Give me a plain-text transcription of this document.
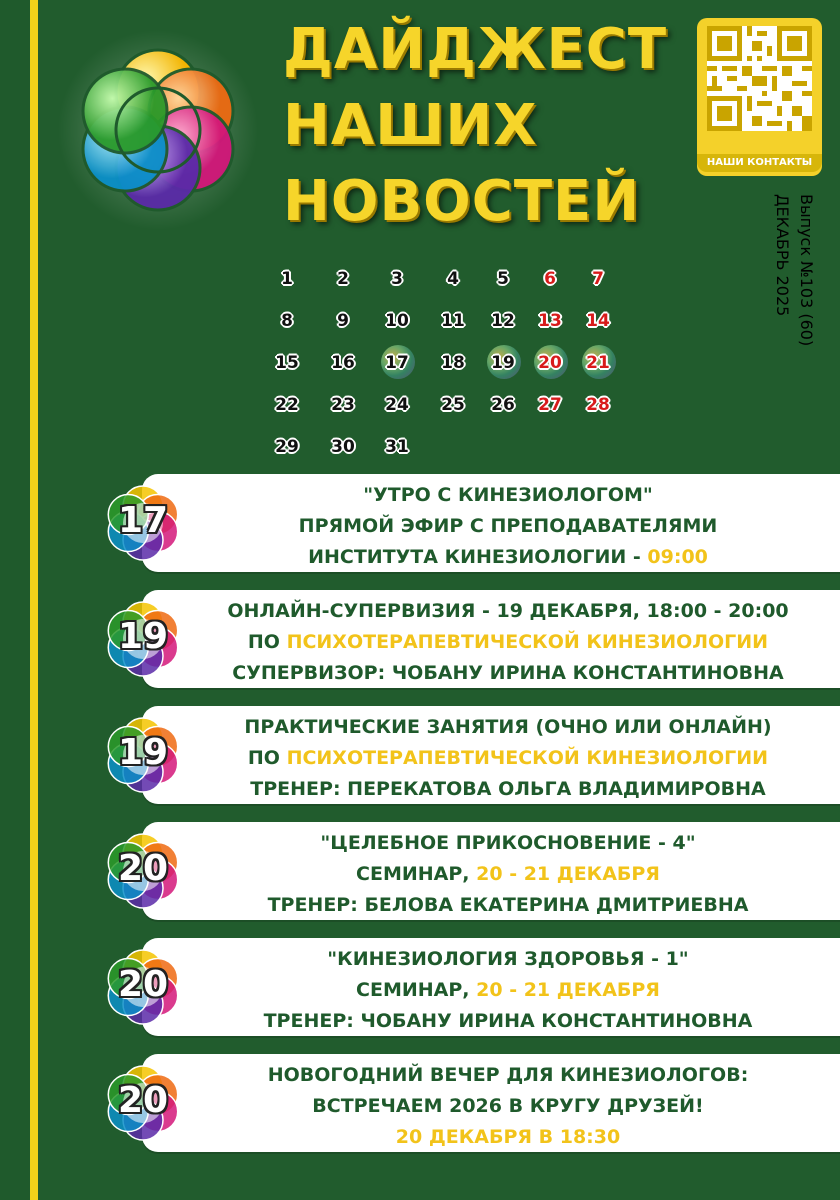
ДАЙДЖЕСТ
НАШИХ
НОВОСТЕЙ
НАШИ КОНТАКТЫ
Выпуск №103 (60)
ДЕКАБРЬ 2025
1	2	3	4	5	6	7
8	9	10	11	12	13	14
15	16	17	18	19	20	21
22	23	24	25	26	27	28
29	30	31
17
"УТРО С КИНЕЗИОЛОГОМ"
ПРЯМОЙ ЭФИР С ПРЕПОДАВАТЕЛЯМИ
ИНСТИТУТА КИНЕЗИОЛОГИИ - 09:00
19
ОНЛАЙН-СУПЕРВИЗИЯ - 19 ДЕКАБРЯ, 18:00 - 20:00
ПО ПСИХОТЕРАПЕВТИЧЕСКОЙ КИНЕЗИОЛОГИИ
СУПЕРВИЗОР: ЧОБАНУ ИРИНА КОНСТАНТИНОВНА
19
ПРАКТИЧЕСКИЕ ЗАНЯТИЯ (ОЧНО ИЛИ ОНЛАЙН)
ПО ПСИХОТЕРАПЕВТИЧЕСКОЙ КИНЕЗИОЛОГИИ
ТРЕНЕР: ПЕРЕКАТОВА ОЛЬГА ВЛАДИМИРОВНА
20
"ЦЕЛЕБНОЕ ПРИКОСНОВЕНИЕ - 4"
СЕМИНАР, 20 - 21 ДЕКАБРЯ
ТРЕНЕР: БЕЛОВА ЕКАТЕРИНА ДМИТРИЕВНА
20
"КИНЕЗИОЛОГИЯ ЗДОРОВЬЯ - 1"
СЕМИНАР, 20 - 21 ДЕКАБРЯ
ТРЕНЕР: ЧОБАНУ ИРИНА КОНСТАНТИНОВНА
20
НОВОГОДНИЙ ВЕЧЕР ДЛЯ КИНЕЗИОЛОГОВ:
ВСТРЕЧАЕМ 2026 В КРУГУ ДРУЗЕЙ!
20 ДЕКАБРЯ В 18:30
